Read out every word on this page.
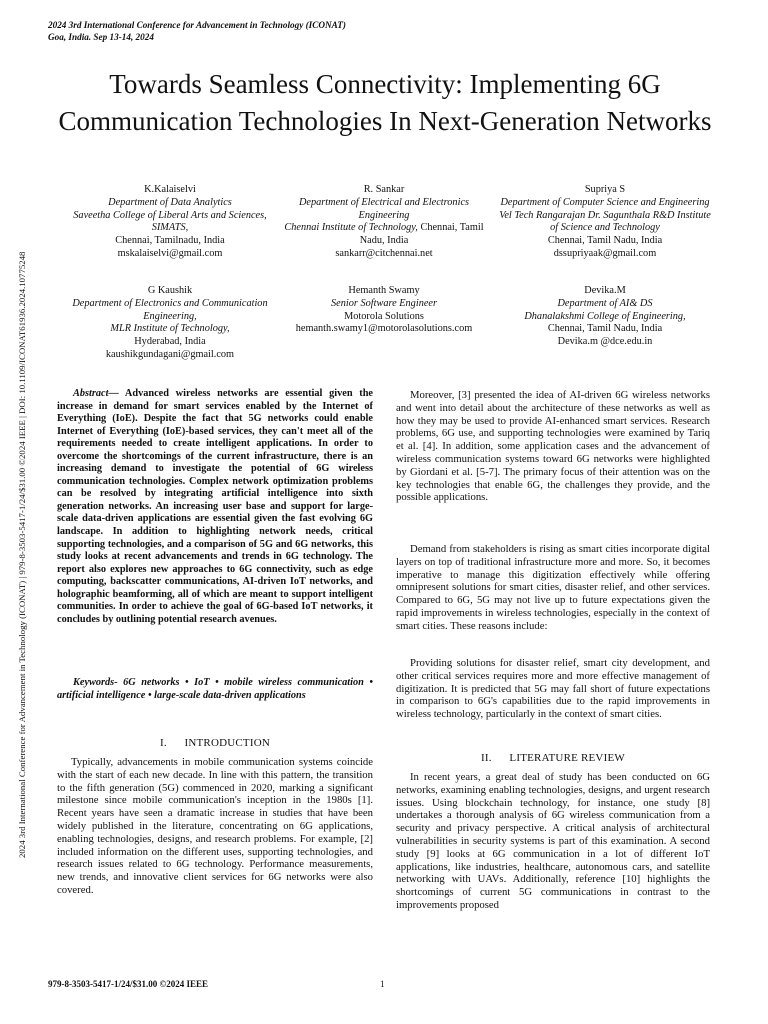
2024 3rd International Conference for Advancement in Technology (ICONAT)
Goa, India. Sep 13-14, 2024
Towards Seamless Connectivity: Implementing 6G Communication Technologies In Next-Generation Networks
2024 3rd International Conference for Advancement in Technology (ICONAT) | 979-8-3503-5417-1/24/$31.00 ©2024 IEEE | DOI: 10.1109/ICONAT61936.2024.10775248
K.Kalaiselvi
Department of Data Analytics
Saveetha College of Liberal Arts and Sciences, SIMATS,
Chennai, Tamilnadu, India
mskalaiselvi@gmail.com
R. Sankar
Department of Electrical and Electronics Engineering
Chennai Institute of Technology, Chennai, Tamil Nadu, India
sankarr@citchennai.net
Supriya S
Department of Computer Science and Engineering
Vel Tech Rangarajan Dr. Sagunthala R&D Institute of Science and Technology
Chennai, Tamil Nadu, India
dssupriyaak@gmail.com
G Kaushik
Department of Electronics and Communication Engineering,
MLR Institute of Technology,
Hyderabad, India
kaushikgundagani@gmail.com
Hemanth Swamy
Senior Software Engineer
Motorola Solutions
hemanth.swamy1@motorolasolutions.com
Devika.M
Department of AI& DS
Dhanalakshmi College of Engineering,
Chennai, Tamil Nadu, India
Devika.m @dce.edu.in
Abstract— Advanced wireless networks are essential given the increase in demand for smart services enabled by the Internet of Everything (IoE). Despite the fact that 5G networks could enable Internet of Everything (IoE)-based services, they can't meet all of the requirements needed to create intelligent applications. In order to overcome the shortcomings of the current infrastructure, there is an increasing demand to investigate the potential of 6G wireless communication technologies. Complex network optimization problems can be resolved by integrating artificial intelligence into sixth generation networks. An increasing user base and support for large-scale data-driven applications are essential given the fast evolving 6G landscape. In addition to highlighting network needs, critical supporting technologies, and a comparison of 5G and 6G networks, this study looks at recent advancements and trends in 6G technology. The report also explores new approaches to 6G connectivity, such as edge computing, backscatter communications, AI-driven IoT networks, and holographic beamforming, all of which are meant to support intelligent communities. In order to achieve the goal of 6G-based IoT networks, it concludes by outlining potential research avenues.
Keywords- 6G networks • IoT • mobile wireless communication • artificial intelligence • large-scale data-driven applications
I.      INTRODUCTION

Typically, advancements in mobile communication systems coincide with the start of each new decade. In line with this pattern, the transition to the fifth generation (5G) commenced in 2020, marking a significant milestone since mobile communication's inception in the 1980s [1]. Recent years have seen a dramatic increase in studies that have been widely published in the literature, concentrating on 6G applications, enabling technologies, designs, and research problems. For example, [2] included information on the different uses, supporting technologies, and research issues related to 6G technology. Performance measurements, new trends, and innovative client services for 6G networks were also covered.

Moreover, [3] presented the idea of AI-driven 6G wireless networks and went into detail about the architecture of these networks as well as how they may be used to provide AI-enhanced smart services. Research problems, 6G use, and supporting technologies were examined by Tariq et al. [4]. In addition, some application cases and the advancement of wireless communication systems toward 6G networks were highlighted by Giordani et al. [5-7]. The primary focus of their attention was on the key technologies that enable 6G, the challenges they provide, and the possible applications.

Demand from stakeholders is rising as smart cities incorporate digital layers on top of traditional infrastructure more and more. So, it becomes imperative to manage this digitization effectively while offering omnipresent solutions for smart cities, disaster relief, and other services. Compared to 6G, 5G may not live up to future expectations given the rapid improvements in wireless technologies, especially in the context of smart cities. These reasons include:

Providing solutions for disaster relief, smart city development, and other critical services requires more and more effective management of digitization. It is predicted that 5G may fall short of future expectations in comparison to 6G's capabilities due to the rapid improvements in wireless technology, particularly in the context of smart cities.

II.      LITERATURE REVIEW

In recent years, a great deal of study has been conducted on 6G networks, examining enabling technologies, designs, and urgent research issues. Using blockchain technology, for instance, one study [8] undertakes a thorough analysis of 6G wireless communication from a security and privacy perspective. A critical analysis of architectural vulnerabilities in security systems is part of this examination. A second study [9] looks at 6G communication in a lot of different IoT applications, like industries, healthcare, autonomous cars, and satellite networking with UAVs. Additionally, reference [10] highlights the shortcomings of current 5G communications in contrast to the improvements proposed

979-8-3503-5417-1/24/$31.00 ©2024 IEEE	1
